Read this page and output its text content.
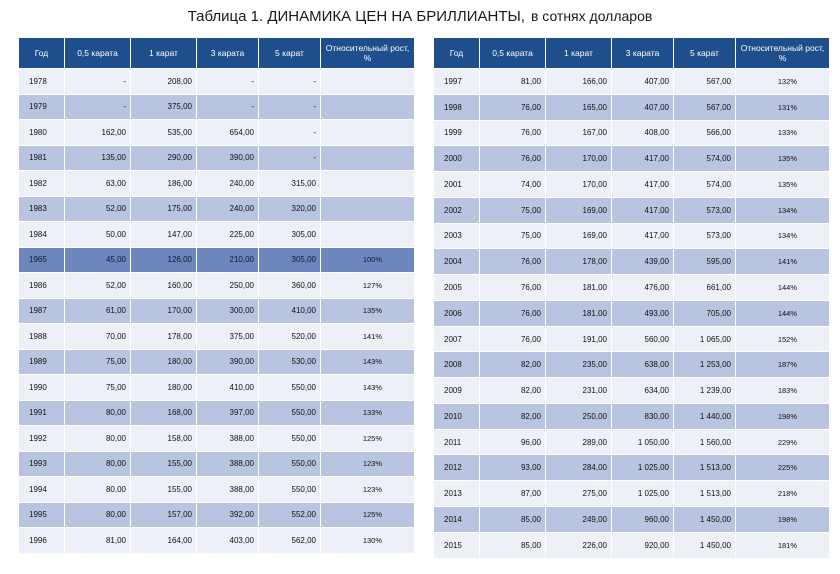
Таблица 1. ДИНАМИКА ЦЕН НА БРИЛЛИАНТЫ, в сотнях долларов
Год	0,5 карата	1 карат	3 карата	5 карат	Относительный рост, %
1978	-	208,00	-	-	
1979	-	375,00	-	-	
1980	162,00	535,00	654,00	-	
1981	135,00	290,00	390,00	-	
1982	63,00	186,00	240,00	315,00	
1983	52,00	175,00	240,00	320,00	
1984	50,00	147,00	225,00	305,00	
1965	45,00	126,00	210,00	305,00	100%
1986	52,00	160,00	250,00	360,00	127%
1987	61,00	170,00	300,00	410,00	135%
1988	70,00	178,00	375,00	520,00	141%
1989	75,00	180,00	390,00	530,00	143%
1990	75,00	180,00	410,00	550,00	143%
1991	80,00	168,00	397,00	550,00	133%
1992	80,00	158,00	388,00	550,00	125%
1993	80,00	155,00	388,00	550,00	123%
1994	80,00	155,00	388,00	550,00	123%
1995	80,00	157,00	392,00	552,00	125%
1996	81,00	164,00	403,00	562,00	130%
Год	0,5 карата	1 карат	3 карата	5 карат	Относительный рост, %
1997	81,00	166,00	407,00	567,00	132%
1998	76,00	165,00	407,00	567,00	131%
1999	76,00	167,00	408,00	566,00	133%
2000	76,00	170,00	417,00	574,00	135%
2001	74,00	170,00	417,00	574,00	135%
2002	75,00	169,00	417,00	573,00	134%
2003	75,00	169,00	417,00	573,00	134%
2004	76,00	178,00	439,00	595,00	141%
2005	76,00	181,00	476,00	661,00	144%
2006	76,00	181,00	493,00	705,00	144%
2007	76,00	191,00	560,00	1 065,00	152%
2008	82,00	235,00	638,00	1 253,00	187%
2009	82,00	231,00	634,00	1 239,00	183%
2010	82,00	250,00	830,00	1 440,00	198%
2011	96,00	289,00	1 050,00	1 560,00	229%
2012	93,00	284,00	1 025,00	1 513,00	225%
2013	87,00	275,00	1 025,00	1 513,00	218%
2014	85,00	249,00	960,00	1 450,00	198%
2015	85,00	226,00	920,00	1 450,00	181%
